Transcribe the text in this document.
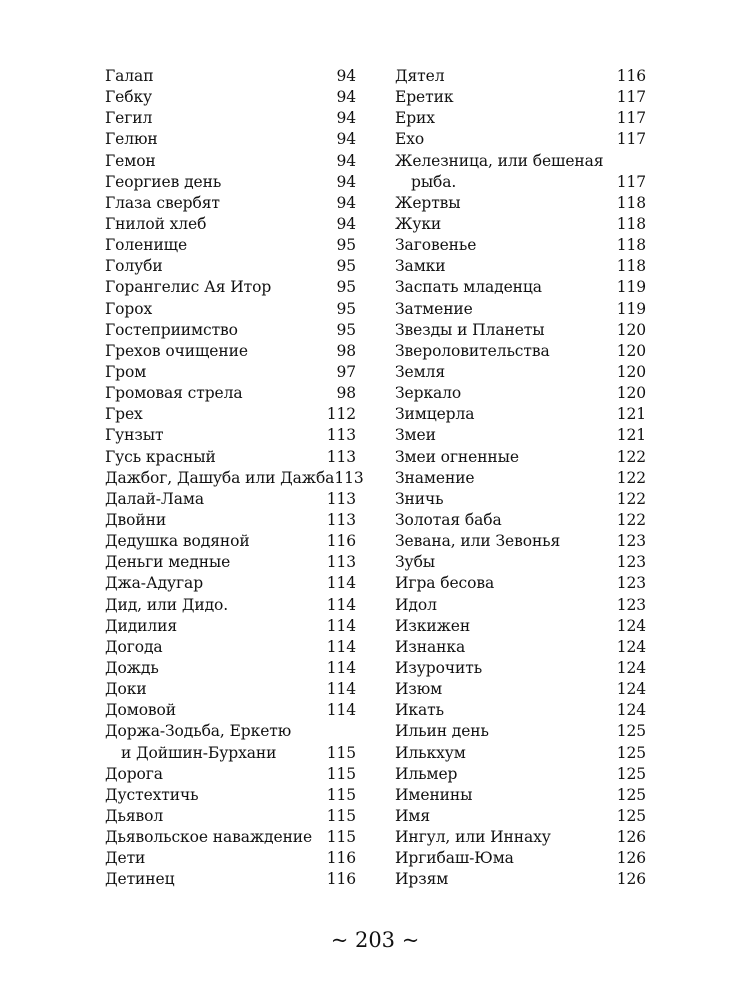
Галап	94
Гебку	94
Гегил	94
Гелюн	94
Гемон	94
Георгиев день	94
Глаза свербят	94
Гнилой хлеб	94
Голенище	95
Голуби	95
Горангелис Ая Итор	95
Горох	95
Гостеприимство	95
Грехов очищение	98
Гром	97
Громовая стрела	98
Грех	112
Гунзыт	113
Гусь красный	113
Дажбог, Дашуба или Дажба 113
Далай-Лама	113
Двойни	113
Дедушка водяной	116
Деньги медные	113
Джа-Адугар	114
Дид, или Дидо.	114
Дидилия	114
Догода	114
Дождь	114
Доки	114
Домовой	114
Доржа-Зодьба, Еркетю
и Дойшин-Бурхани	115
Дорога	115
Дустехтичь	115
Дьявол	115
Дьявольское наваждение 115
Дети	116
Детинец	116
Дятел	116
Еретик	117
Ерих	117
Ехо	117
Железница, или бешеная
рыба.	117
Жертвы	118
Жуки	118
Заговенье	118
Замки	118
Заспать младенца	119
Затмение	119
Звезды и Планеты	120
Звероловительства	120
Земля	120
Зеркало	120
Зимцерла	121
Змеи	121
Змеи огненные	122
Знамение	122
Зничь	122
Золотая баба	122
Зевана, или Зевонья	123
Зубы	123
Игра бесова	123
Идол	123
Изкижен	124
Изнанка	124
Изурочить	124
Изюм	124
Икать	124
Ильин день	125
Илькхум	125
Ильмер	125
Именины	125
Имя	125
Ингул, или Иннаху	126
Иргибаш-Юма	126
Ирзям	126
~ 203 ~
